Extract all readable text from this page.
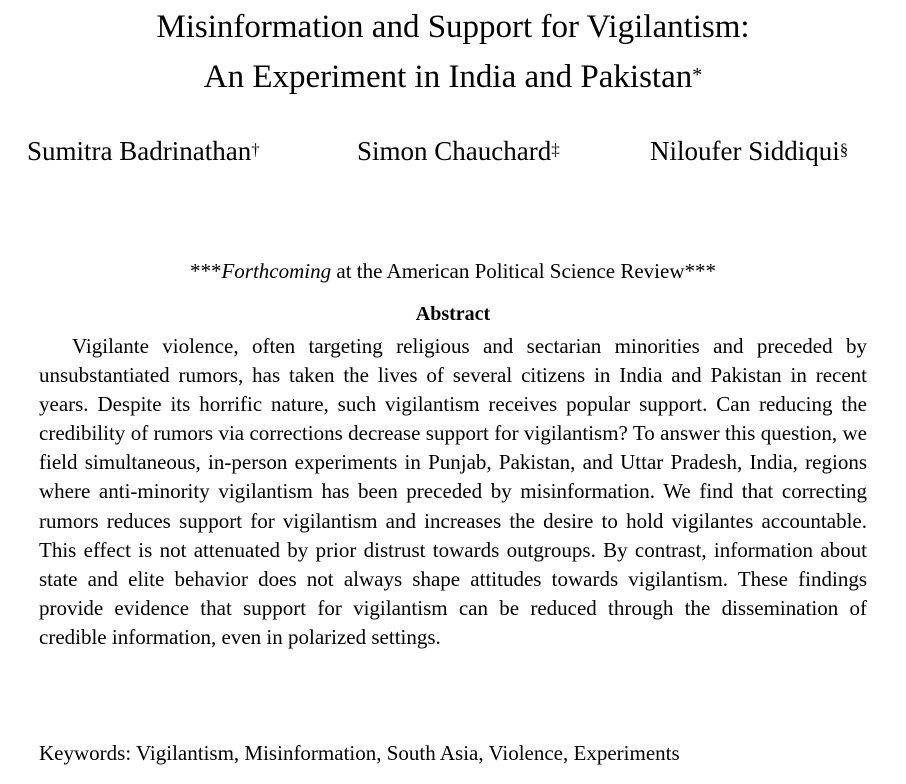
Misinformation and Support for Vigilantism:
An Experiment in India and Pakistan*
Sumitra Badrinathan†	Simon Chauchard‡	Niloufer Siddiqui§
***Forthcoming at the American Political Science Review***
Abstract

Vigilante violence, often targeting religious and sectarian minorities and preceded by unsubstantiated rumors, has taken the lives of several citizens in India and Pakistan in recent years. Despite its horrific nature, such vigilantism receives popular support. Can reducing the credibility of rumors via corrections decrease support for vigilantism? To answer this question, we field simultaneous, in-person experiments in Punjab, Pakistan, and Uttar Pradesh, India, regions where anti-minority vigilantism has been preceded by misinformation. We find that correcting rumors reduces support for vigilantism and increases the desire to hold vigilantes accountable. This effect is not attenuated by prior distrust towards outgroups. By contrast, information about state and elite behavior does not always shape attitudes towards vigilantism. These findings provide evidence that support for vigilantism can be reduced through the dissemination of credible information, even in polarized settings.

Keywords: Vigilantism, Misinformation, South Asia, Violence, Experiments
